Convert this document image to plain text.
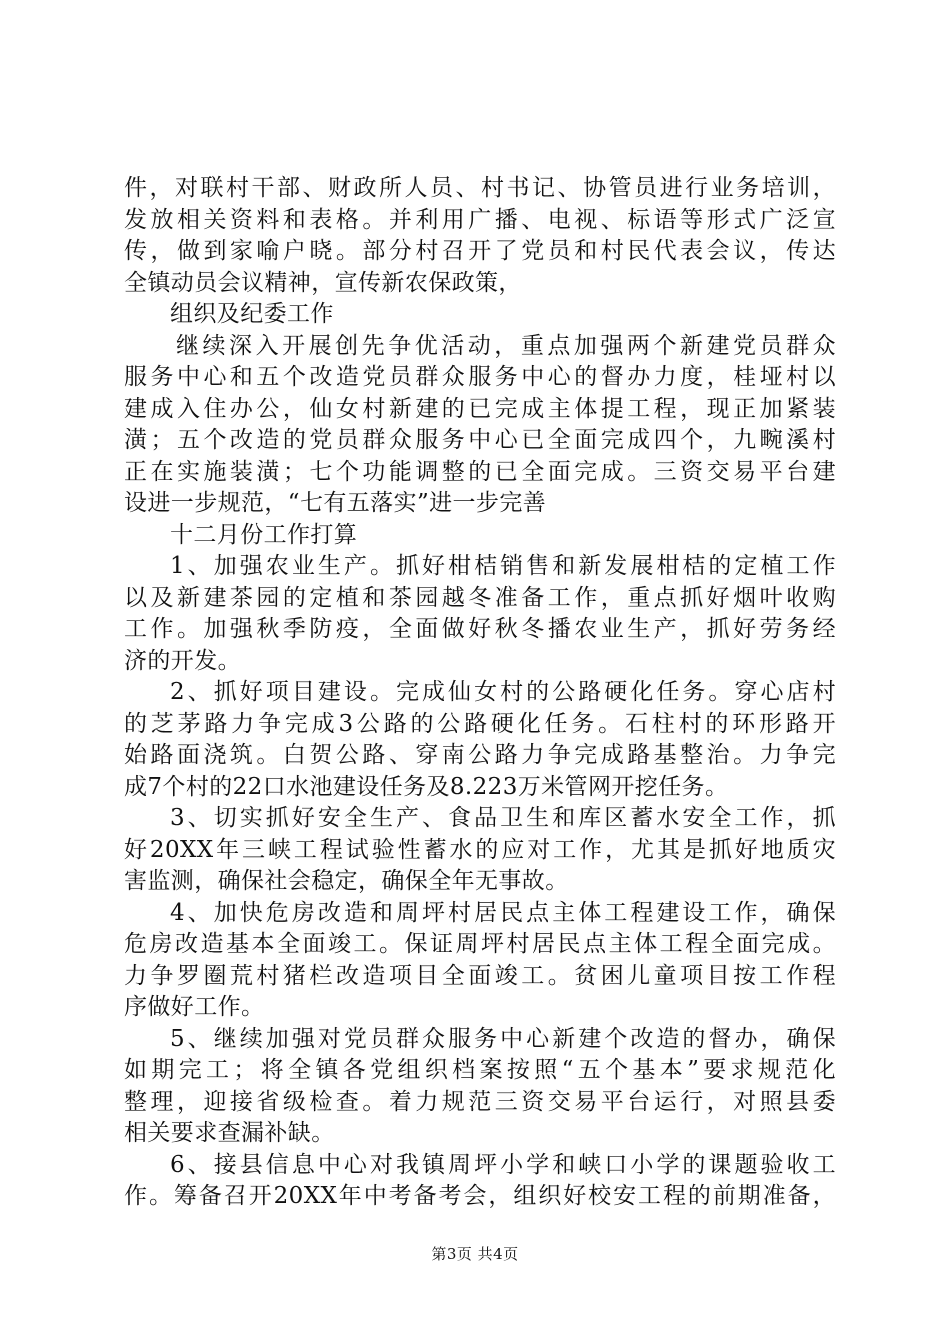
件，对联村干部、财政所人员、村书记、协管员进行业务培训，
发放相关资料和表格。并利用广播、电视、标语等形式广泛宣
传，做到家喻户晓。部分村召开了党员和村民代表会议，传达
全镇动员会议精神，宣传新农保政策，
组织及纪委工作
继续深入开展创先争优活动，重点加强两个新建党员群众
服务中心和五个改造党员群众服务中心的督办力度，桂垭村以
建成入住办公，仙女村新建的已完成主体提工程，现正加紧装
潢；五个改造的党员群众服务中心已全面完成四个，九畹溪村
正在实施装潢；七个功能调整的已全面完成。三资交易平台建
设进一步规范，“七有五落实”进一步完善
十二月份工作打算
1、加强农业生产。抓好柑桔销售和新发展柑桔的定植工作
以及新建茶园的定植和茶园越冬准备工作，重点抓好烟叶收购
工作。加强秋季防疫，全面做好秋冬播农业生产，抓好劳务经
济的开发。
2、抓好项目建设。完成仙女村的公路硬化任务。穿心店村
的芝茅路力争完成3公路的公路硬化任务。石柱村的环形路开
始路面浇筑。白贺公路、穿南公路力争完成路基整治。力争完
成7个村的22口水池建设任务及8.223万米管网开挖任务。
3、切实抓好安全生产、食品卫生和库区蓄水安全工作，抓
好20XX年三峡工程试验性蓄水的应对工作，尤其是抓好地质灾
害监测，确保社会稳定，确保全年无事故。
4、加快危房改造和周坪村居民点主体工程建设工作，确保
危房改造基本全面竣工。保证周坪村居民点主体工程全面完成。
力争罗圈荒村猪栏改造项目全面竣工。贫困儿童项目按工作程
序做好工作。
5、继续加强对党员群众服务中心新建个改造的督办，确保
如期完工；将全镇各党组织档案按照“五个基本”要求规范化
整理，迎接省级检查。着力规范三资交易平台运行，对照县委
相关要求查漏补缺。
6、接县信息中心对我镇周坪小学和峡口小学的课题验收工
作。筹备召开20XX年中考备考会，组织好校安工程的前期准备，
第3页 共4页
